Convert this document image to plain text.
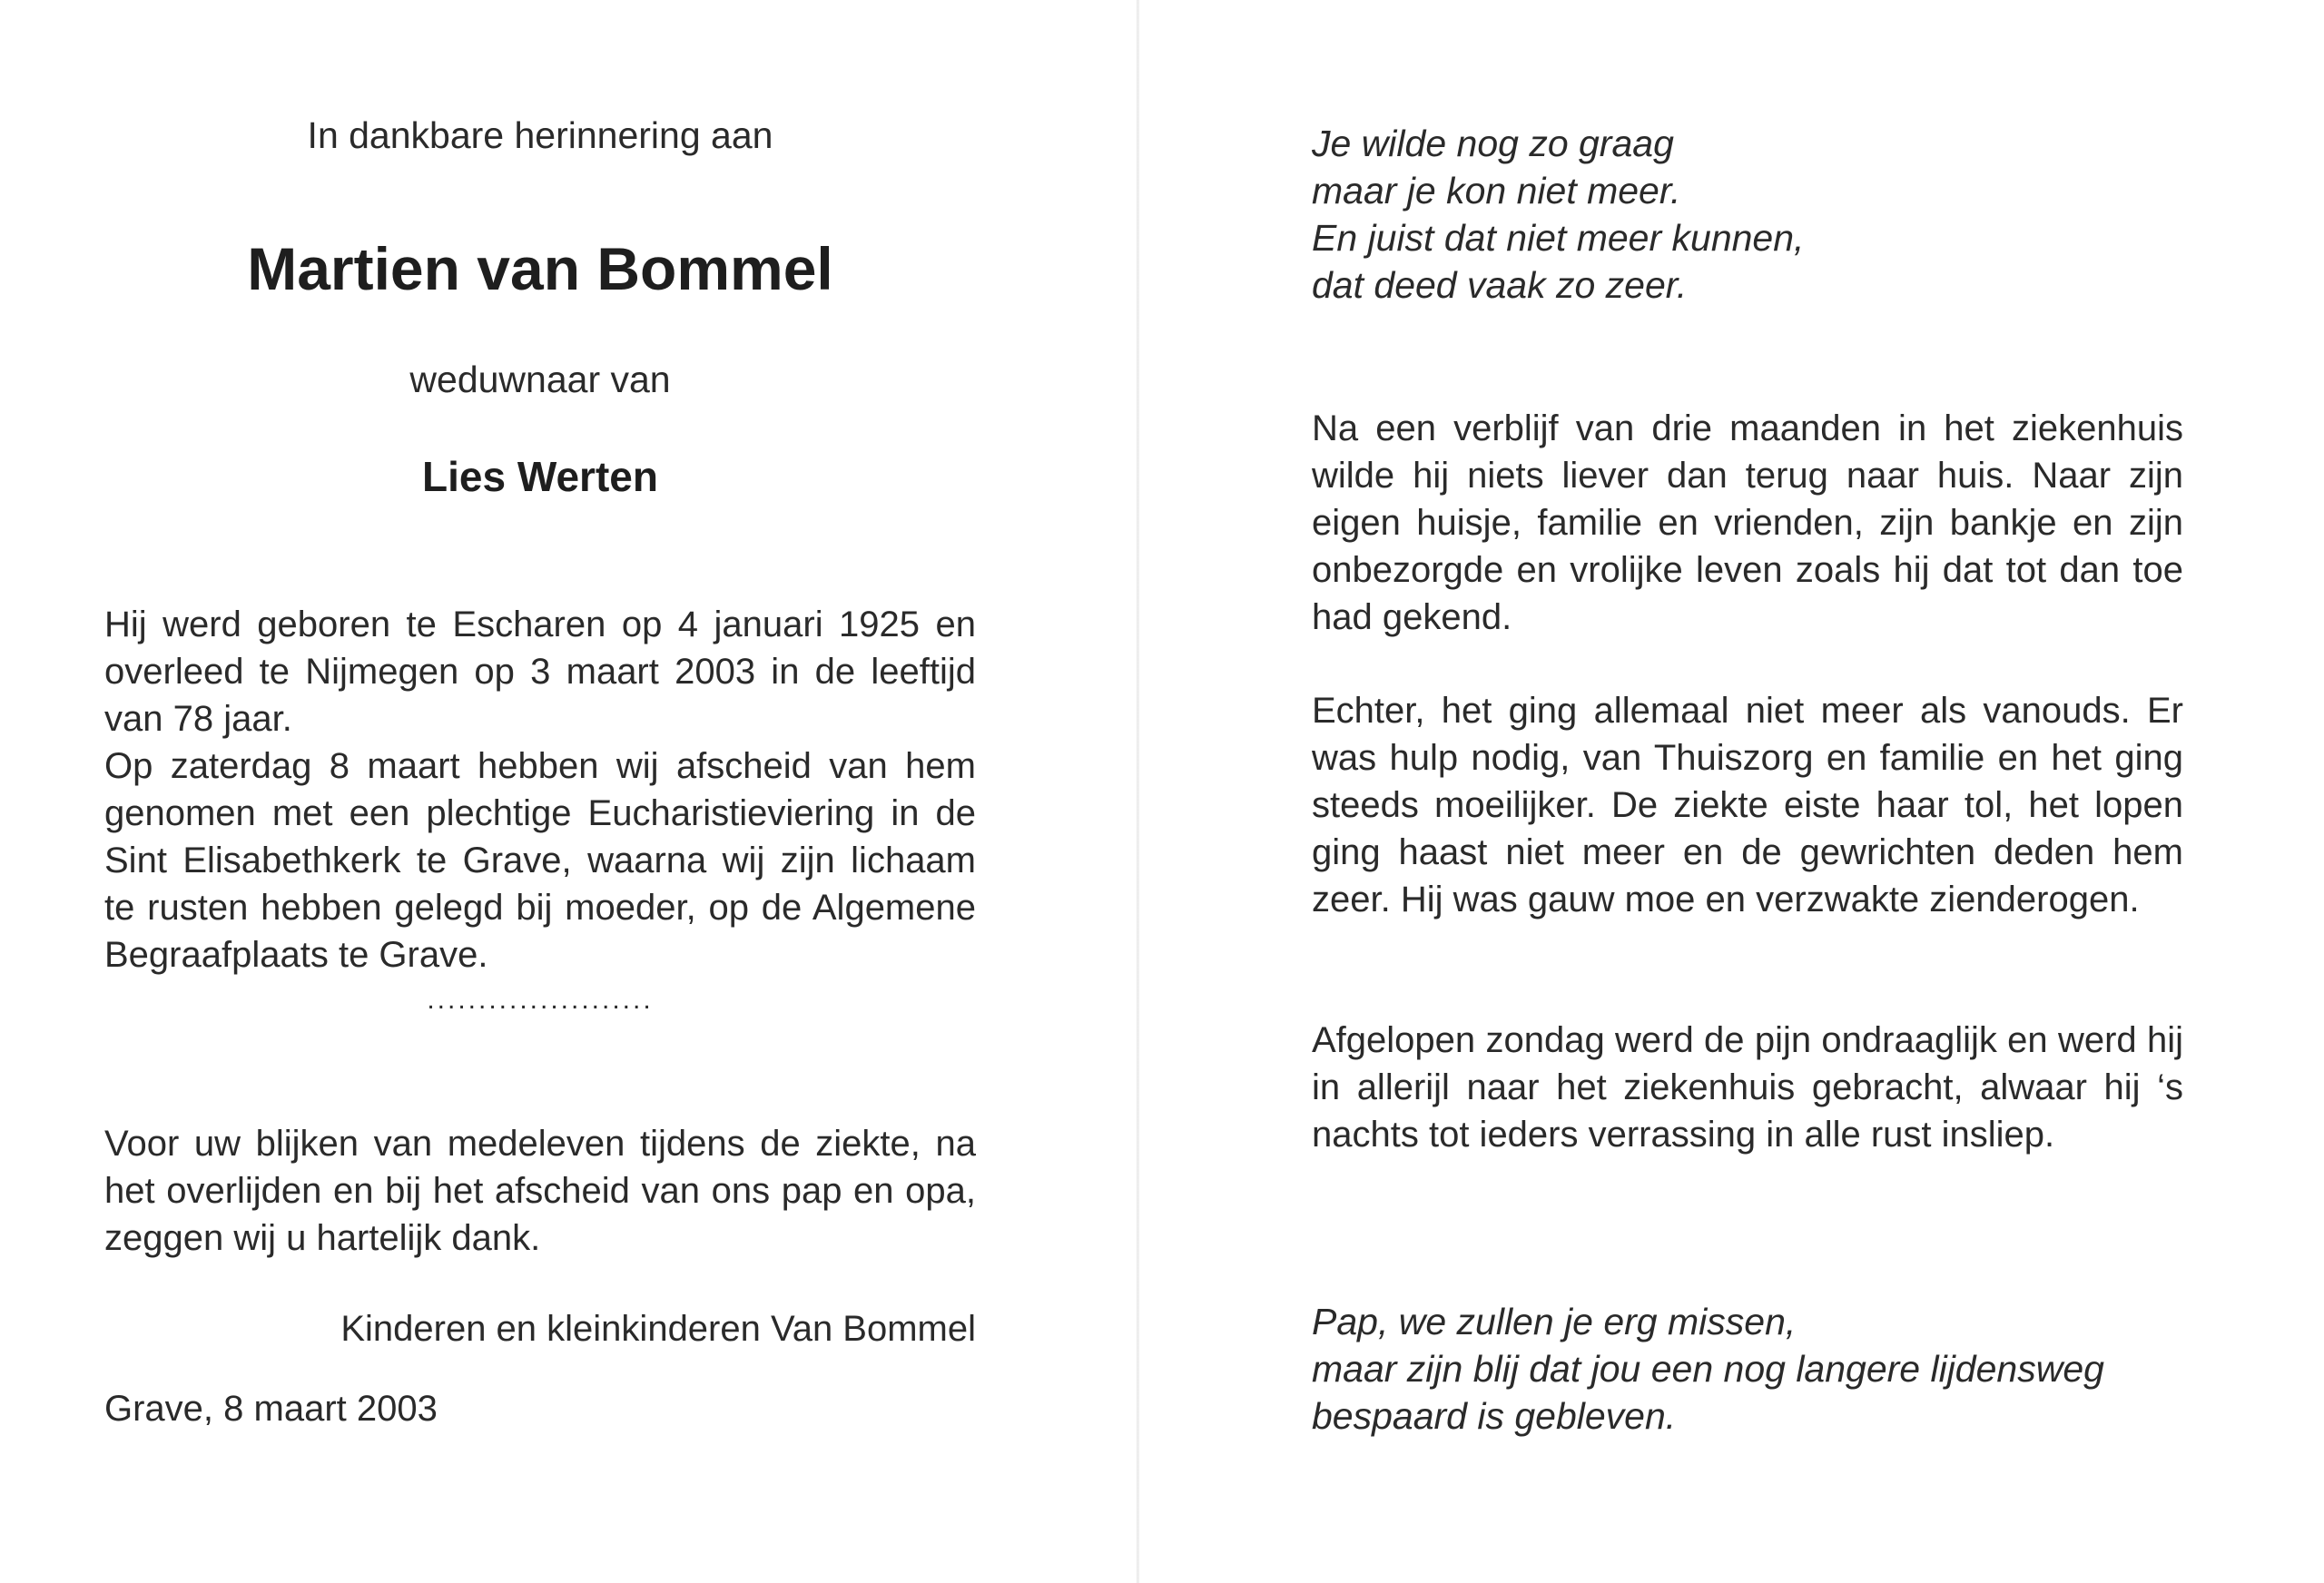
In dankbare herinnering aan
Martien van Bommel
weduwnaar van
Lies Werten

Hij werd geboren te Escharen op 4 januari 1925 en overleed te Nijmegen op 3 maart 2003 in de leeftijd van 78 jaar.

Op zaterdag 8 maart hebben wij afscheid van hem genomen met een plechtige Eucharistieviering in de Sint Elisabethkerk te Grave, waarna wij zijn lichaam te rusten hebben gelegd bij moeder, op de Algemene Begraafplaats te Grave.

......................

Voor uw blijken van medeleven tijdens de ziekte, na het overlijden en bij het afscheid van ons pap en opa, zeggen wij u hartelijk dank.

Kinderen en kleinkinderen Van Bommel
Grave, 8 maart 2003
Je wilde nog zo graag
maar je kon niet meer.
En juist dat niet meer kunnen,
dat deed vaak zo zeer.

Na een verblijf van drie maanden in het ziekenhuis wilde hij niets liever dan terug naar huis. Naar zijn eigen huisje, familie en vrienden, zijn bankje en zijn onbezorgde en vrolijke leven zoals hij dat tot dan toe had gekend.

Echter, het ging allemaal niet meer als vanouds. Er was hulp nodig, van Thuiszorg en familie en het ging steeds moeilijker. De ziekte eiste haar tol, het lopen ging haast niet meer en de gewrichten deden hem zeer. Hij was gauw moe en verzwakte zienderogen.

Afgelopen zondag werd de pijn ondraaglijk en werd hij in allerijl naar het ziekenhuis gebracht, alwaar hij ‘s nachts tot ieders verrassing in alle rust insliep.

Pap, we zullen je erg missen,
maar zijn blij dat jou een nog langere lijdensweg
bespaard is gebleven.
